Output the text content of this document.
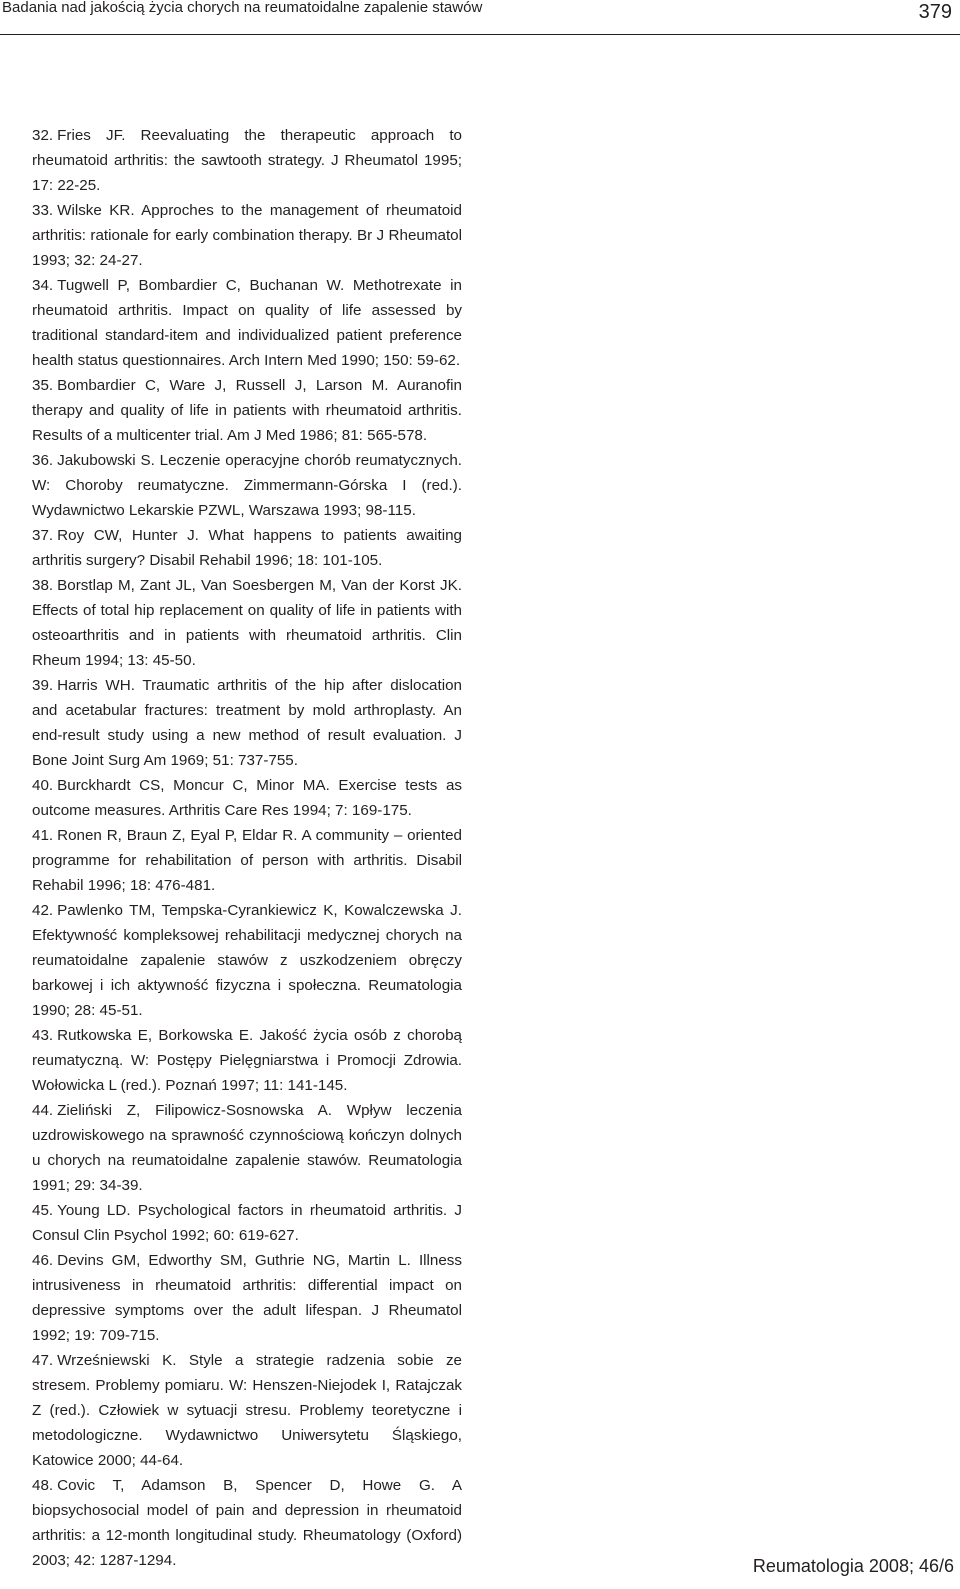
Badania nad jakością życia chorych na reumatoidalne zapalenie stawów	379
32. Fries JF. Reevaluating the therapeutic approach to rheumatoid arthritis: the sawtooth strategy. J Rheumatol 1995; 17: 22-25.
33. Wilske KR. Approches to the management of rheumatoid arthritis: rationale for early combination therapy. Br J Rheumatol 1993; 32: 24-27.
34. Tugwell P, Bombardier C, Buchanan W. Methotrexate in rheumatoid arthritis. Impact on quality of life assessed by traditional standard-item and individualized patient preference health status questionnaires. Arch Intern Med 1990; 150: 59-62.
35. Bombardier C, Ware J, Russell J, Larson M. Auranofin therapy and quality of life in patients with rheumatoid arthritis. Results of a multicenter trial. Am J Med 1986; 81: 565-578.
36. Jakubowski S. Leczenie operacyjne chorób reumatycznych. W: Choroby reumatyczne. Zimmermann-Górska I (red.). Wydawnictwo Lekarskie PZWL, Warszawa 1993; 98-115.
37. Roy CW, Hunter J. What happens to patients awaiting arthritis surgery? Disabil Rehabil 1996; 18: 101-105.
38. Borstlap M, Zant JL, Van Soesbergen M, Van der Korst JK. Effects of total hip replacement on quality of life in patients with osteoarthritis and in patients with rheumatoid arthritis. Clin Rheum 1994; 13: 45-50.
39. Harris WH. Traumatic arthritis of the hip after dislocation and acetabular fractures: treatment by mold arthroplasty. An end-result study using a new method of result evaluation. J Bone Joint Surg Am 1969; 51: 737-755.
40. Burckhardt CS, Moncur C, Minor MA. Exercise tests as outcome measures. Arthritis Care Res 1994; 7: 169-175.
41. Ronen R, Braun Z, Eyal P, Eldar R. A community – oriented programme for rehabilitation of person with arthritis. Disabil Rehabil 1996; 18: 476-481.
42. Pawlenko TM, Tempska-Cyrankiewicz K, Kowalczewska J. Efektywność kompleksowej rehabilitacji medycznej chorych na reumatoidalne zapalenie stawów z uszkodzeniem obręczy barkowej i ich aktywność fizyczna i społeczna. Reumatologia 1990; 28: 45-51.
43. Rutkowska E, Borkowska E. Jakość życia osób z chorobą reumatyczną. W: Postępy Pielęgniarstwa i Promocji Zdrowia. Wołowicka L (red.). Poznań 1997; 11: 141-145.
44. Zieliński Z, Filipowicz-Sosnowska A. Wpływ leczenia uzdrowiskowego na sprawność czynnościową kończyn dolnych u chorych na reumatoidalne zapalenie stawów. Reumatologia 1991; 29: 34-39.
45. Young LD. Psychological factors in rheumatoid arthritis. J Consul Clin Psychol 1992; 60: 619-627.
46. Devins GM, Edworthy SM, Guthrie NG, Martin L. Illness intrusiveness in rheumatoid arthritis: differential impact on depressive symptoms over the adult lifespan. J Rheumatol 1992; 19: 709-715.
47. Wrześniewski K. Style a strategie radzenia sobie ze stresem. Problemy pomiaru. W: Henszen-Niejodek I, Ratajczak Z (red.). Człowiek w sytuacji stresu. Problemy teoretyczne i metodologiczne. Wydawnictwo Uniwersytetu Śląskiego, Katowice 2000; 44-64.
48. Covic T, Adamson B, Spencer D, Howe G. A biopsychosocial model of pain and depression in rheumatoid arthritis: a 12-month longitudinal study. Rheumatology (Oxford) 2003; 42: 1287-1294.	Reumatologia 2008; 46/6
